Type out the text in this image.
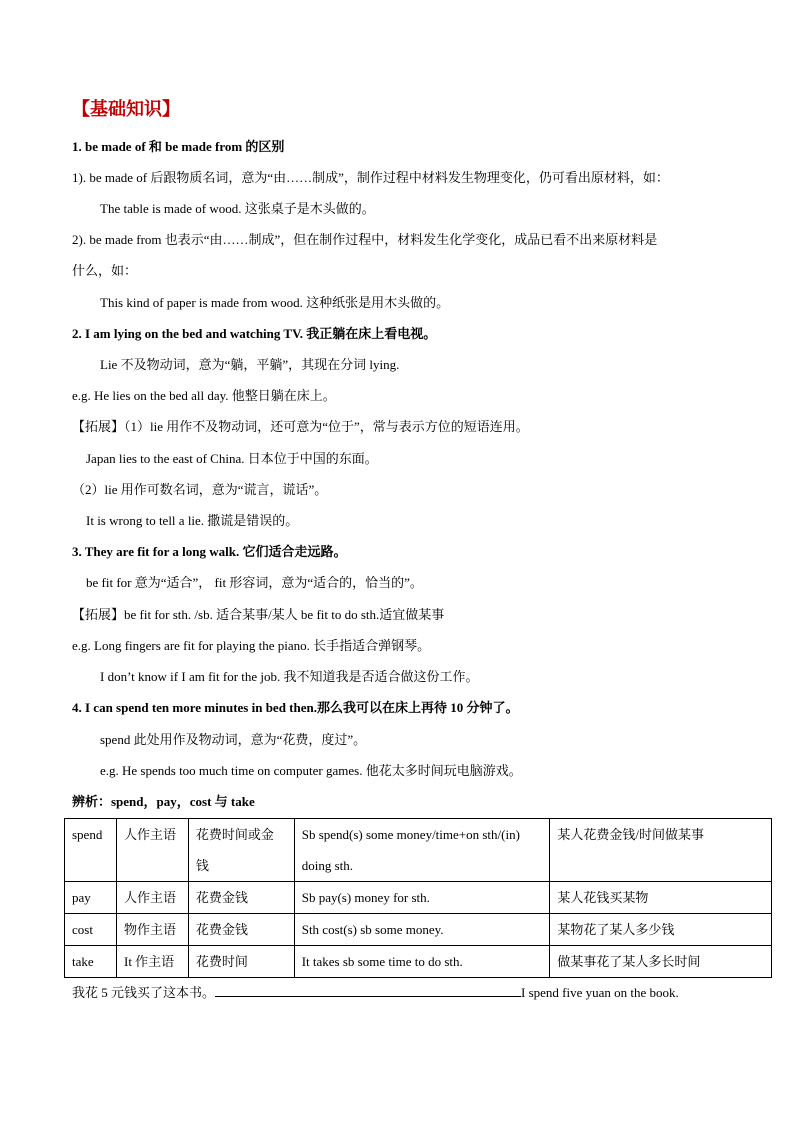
【基础知识】
1. be made of 和 be made from 的区别
1). be made of 后跟物质名词，意为“由……制成”，制作过程中材料发生物理变化，仍可看出原材料，如：
The table is made of wood. 这张桌子是木头做的。
2). be made from 也表示“由……制成”，但在制作过程中，材料发生化学变化，成品已看不出来原材料是
什么，如：
This kind of paper is made from wood. 这种纸张是用木头做的。
2. I am lying on the bed and watching TV. 我正躺在床上看电视。
Lie 不及物动词，意为“躺，平躺”，其现在分词 lying.
e.g. He lies on the bed all day. 他整日躺在床上。
【拓展】（1）lie 用作不及物动词，还可意为“位于”，常与表示方位的短语连用。
Japan lies to the east of China. 日本位于中国的东面。
（2）lie 用作可数名词，意为“谎言，谎话”。
It is wrong to tell a lie. 撒谎是错误的。
3. They are fit for a long walk. 它们适合走远路。
be fit for 意为“适合”， fit 形容词，意为“适合的，恰当的”。
【拓展】be fit for sth. /sb. 适合某事/某人 be fit to do sth.适宜做某事
e.g. Long fingers are fit for playing the piano. 长手指适合弹钢琴。
I don’t know if I am fit for the job. 我不知道我是否适合做这份工作。
4. I can spend ten more minutes in bed then.那么我可以在床上再待 10 分钟了。
spend 此处用作及物动词，意为“花费，度过”。
e.g. He spends too much time on computer games. 他花太多时间玩电脑游戏。
辨析：spend，pay，cost 与 take
spend	人作主语	花费时间或金钱	Sb spend(s) some money/time+on sth/(in) doing sth.	某人花费金钱/时间做某事
pay	人作主语	花费金钱	Sb pay(s) money for sth.	某人花钱买某物
cost	物作主语	花费金钱	Sth cost(s) sb some money.	某物花了某人多少钱
take	It 作主语	花费时间	It takes sb some time to do sth.	做某事花了某人多长时间
我花 5 元钱买了这本书。	I spend five yuan on the book.
